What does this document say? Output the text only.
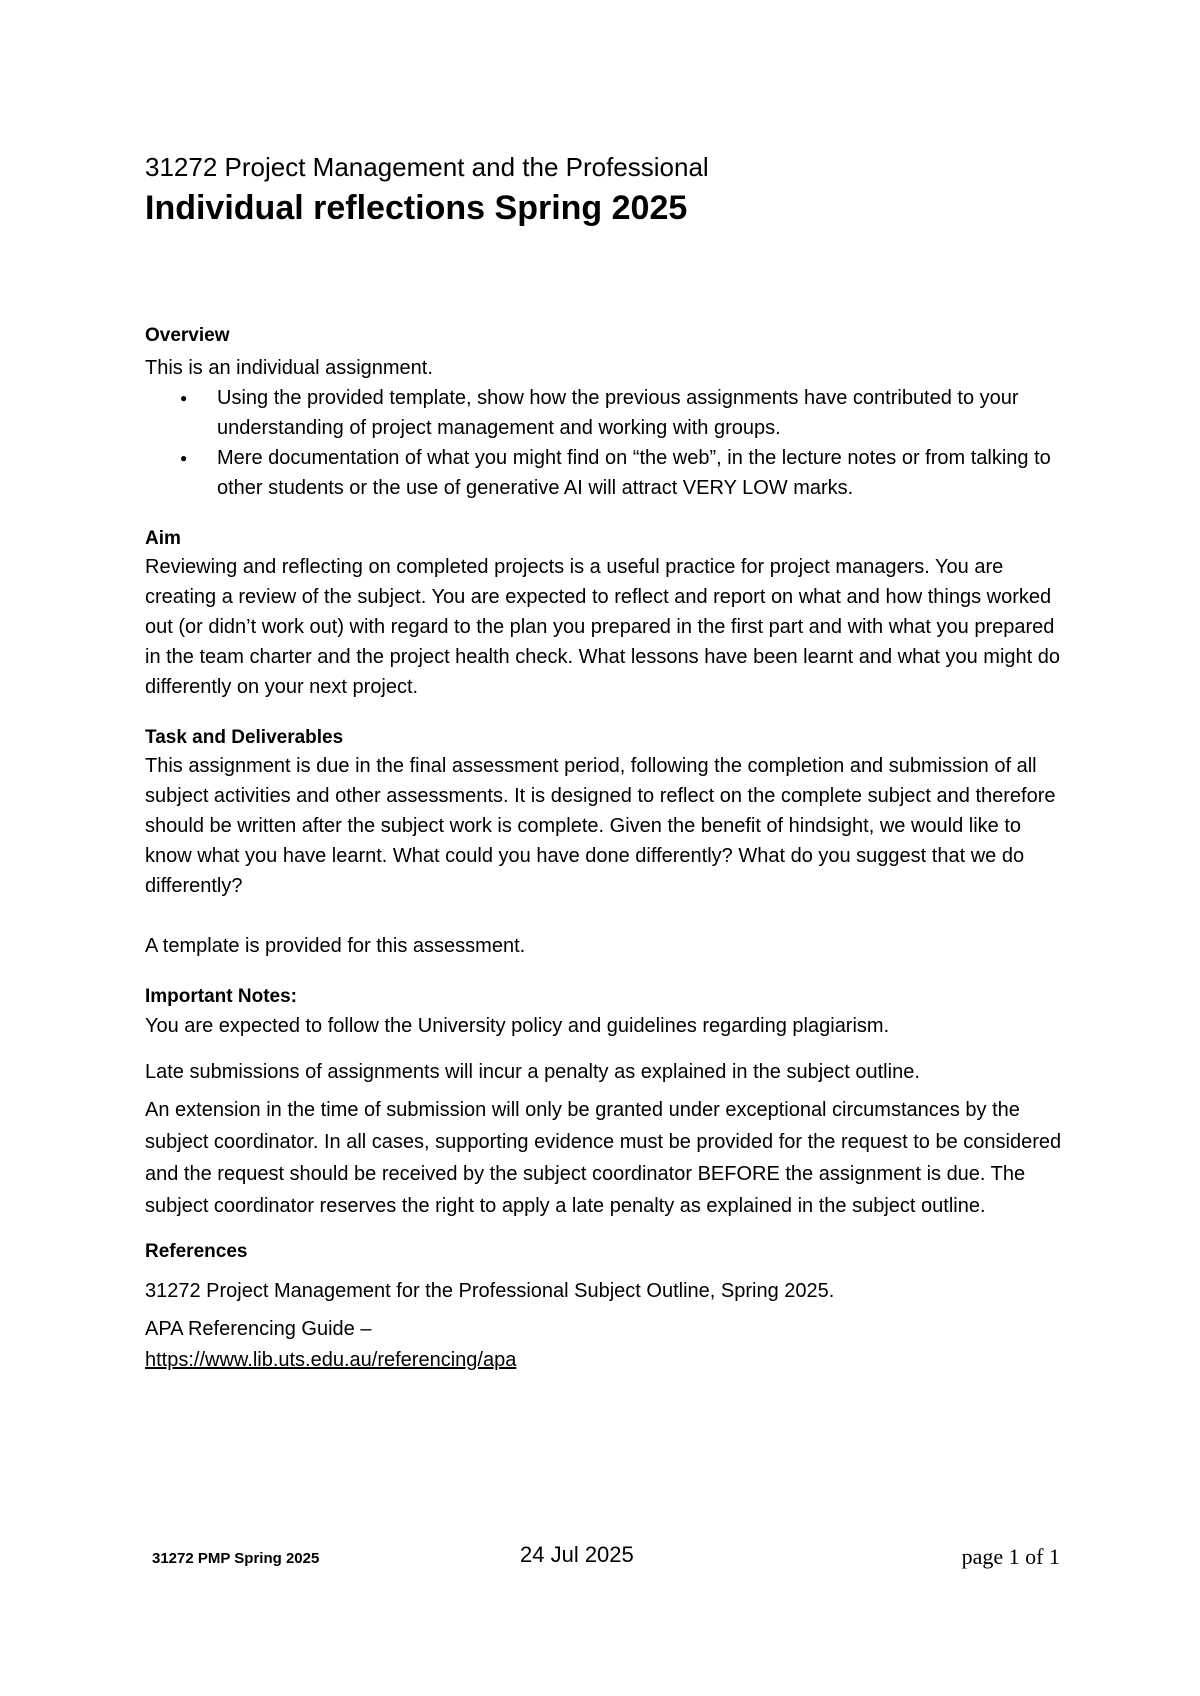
31272 Project Management and the Professional
Individual reflections Spring 2025
Overview
This is an individual assignment.
● Using the provided template, show how the previous assignments have contributed to your understanding of project management and working with groups.
● Mere documentation of what you might find on “the web”, in the lecture notes or from talking to other students or the use of generative AI will attract VERY LOW marks.
Aim
Reviewing and reflecting on completed projects is a useful practice for project managers. You are creating a review of the subject. You are expected to reflect and report on what and how things worked out (or didn’t work out) with regard to the plan you prepared in the first part and with what you prepared in the team charter and the project health check. What lessons have been learnt and what you might do differently on your next project.
Task and Deliverables
This assignment is due in the final assessment period, following the completion and submission of all subject activities and other assessments. It is designed to reflect on the complete subject and therefore should be written after the subject work is complete. Given the benefit of hindsight, we would like to know what you have learnt. What could you have done differently? What do you suggest that we do differently?
A template is provided for this assessment.
Important Notes:
You are expected to follow the University policy and guidelines regarding plagiarism.
Late submissions of assignments will incur a penalty as explained in the subject outline.
An extension in the time of submission will only be granted under exceptional circumstances by the subject coordinator. In all cases, supporting evidence must be provided for the request to be considered and the request should be received by the subject coordinator BEFORE the assignment is due. The subject coordinator reserves the right to apply a late penalty as explained in the subject outline.
References
31272 Project Management for the Professional Subject Outline, Spring 2025.
APA Referencing Guide –
https://www.lib.uts.edu.au/referencing/apa
31272 PMP Spring 2025	24 Jul 2025	page 1 of 1
